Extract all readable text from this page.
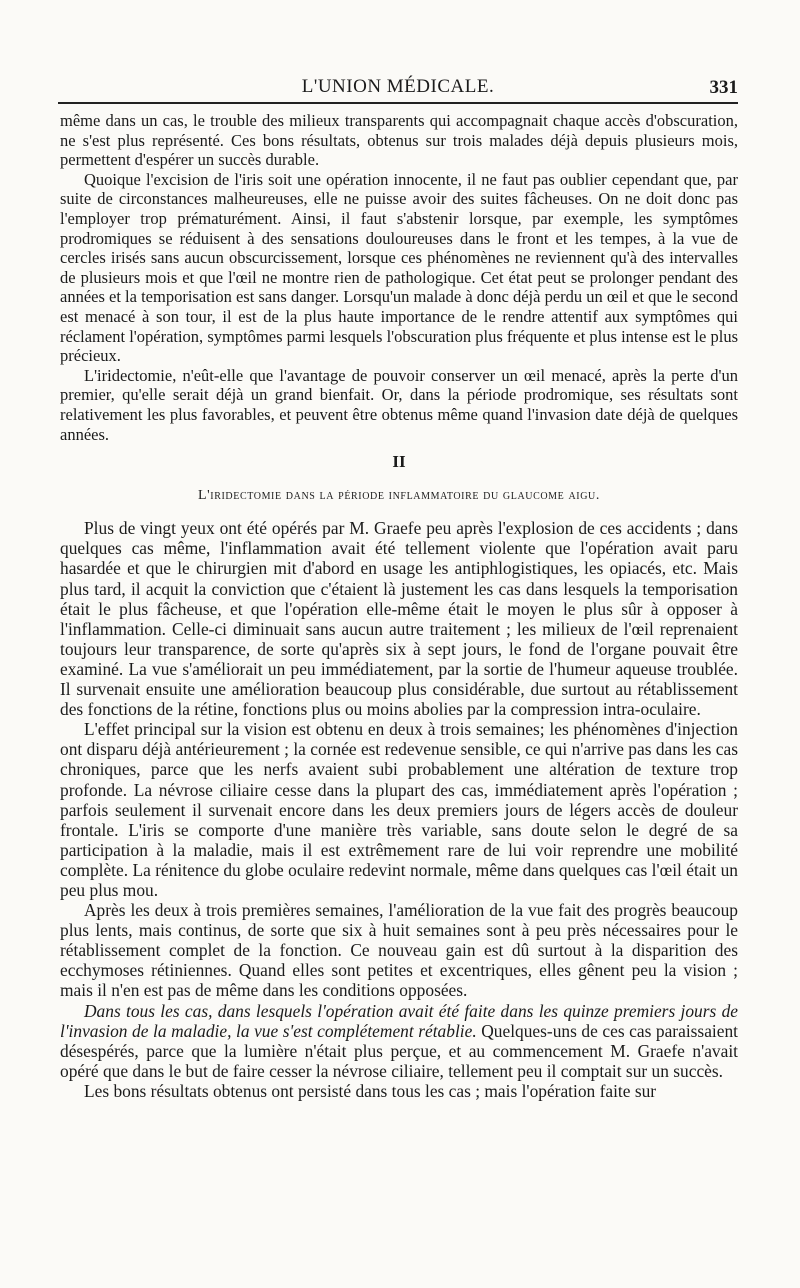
L'UNION MÉDICALE.	331

même dans un cas, le trouble des milieux transparents qui accompagnait chaque accès d'obscuration, ne s'est plus représenté. Ces bons résultats, obtenus sur trois malades déjà depuis plusieurs mois, permettent d'espérer un succès durable.

Quoique l'excision de l'iris soit une opération innocente, il ne faut pas oublier cependant que, par suite de circonstances malheureuses, elle ne puisse avoir des suites fâcheuses. On ne doit donc pas l'employer trop prématurément. Ainsi, il faut s'abstenir lorsque, par exemple, les symptômes prodromiques se réduisent à des sensations douloureuses dans le front et les tempes, à la vue de cercles irisés sans aucun obscurcissement, lorsque ces phénomènes ne reviennent qu'à des intervalles de plusieurs mois et que l'œil ne montre rien de pathologique. Cet état peut se prolonger pendant des années et la temporisation est sans danger. Lorsqu'un malade à donc déjà perdu un œil et que le second est menacé à son tour, il est de la plus haute importance de le rendre attentif aux symptômes qui réclament l'opération, symptômes parmi lesquels l'obscuration plus fréquente et plus intense est le plus précieux.

L'iridectomie, n'eût-elle que l'avantage de pouvoir conserver un œil menacé, après la perte d'un premier, qu'elle serait déjà un grand bienfait. Or, dans la période prodromique, ses résultats sont relativement les plus favorables, et peuvent être obtenus même quand l'invasion date déjà de quelques années.

II
L'iridectomie dans la période inflammatoire du glaucome aigu.

Plus de vingt yeux ont été opérés par M. Graefe peu après l'explosion de ces accidents ; dans quelques cas même, l'inflammation avait été tellement violente que l'opération avait paru hasardée et que le chirurgien mit d'abord en usage les antiphlogistiques, les opiacés, etc. Mais plus tard, il acquit la conviction que c'étaient là justement les cas dans lesquels la temporisation était le plus fâcheuse, et que l'opération elle-même était le moyen le plus sûr à opposer à l'inflammation. Celle-ci diminuait sans aucun autre traitement ; les milieux de l'œil reprenaient toujours leur transparence, de sorte qu'après six à sept jours, le fond de l'organe pouvait être examiné. La vue s'améliorait un peu immédiatement, par la sortie de l'humeur aqueuse troublée. Il survenait ensuite une amélioration beaucoup plus considérable, due surtout au rétablissement des fonctions de la rétine, fonctions plus ou moins abolies par la compression intra-oculaire.

L'effet principal sur la vision est obtenu en deux à trois semaines; les phénomènes d'injection ont disparu déjà antérieurement ; la cornée est redevenue sensible, ce qui n'arrive pas dans les cas chroniques, parce que les nerfs avaient subi probablement une altération de texture trop profonde. La névrose ciliaire cesse dans la plupart des cas, immédiatement après l'opération ; parfois seulement il survenait encore dans les deux premiers jours de légers accès de douleur frontale. L'iris se comporte d'une manière très variable, sans doute selon le degré de sa participation à la maladie, mais il est extrêmement rare de lui voir reprendre une mobilité complète. La rénitence du globe oculaire redevint normale, même dans quelques cas l'œil était un peu plus mou.

Après les deux à trois premières semaines, l'amélioration de la vue fait des progrès beaucoup plus lents, mais continus, de sorte que six à huit semaines sont à peu près nécessaires pour le rétablissement complet de la fonction. Ce nouveau gain est dû surtout à la disparition des ecchymoses rétiniennes. Quand elles sont petites et excentriques, elles gênent peu la vision ; mais il n'en est pas de même dans les conditions opposées.

Dans tous les cas, dans lesquels l'opération avait été faite dans les quinze premiers jours de l'invasion de la maladie, la vue s'est complétement rétablie. Quelques-uns de ces cas paraissaient désespérés, parce que la lumière n'était plus perçue, et au commencement M. Graefe n'avait opéré que dans le but de faire cesser la névrose ciliaire, tellement peu il comptait sur un succès.

Les bons résultats obtenus ont persisté dans tous les cas ; mais l'opération faite sur
